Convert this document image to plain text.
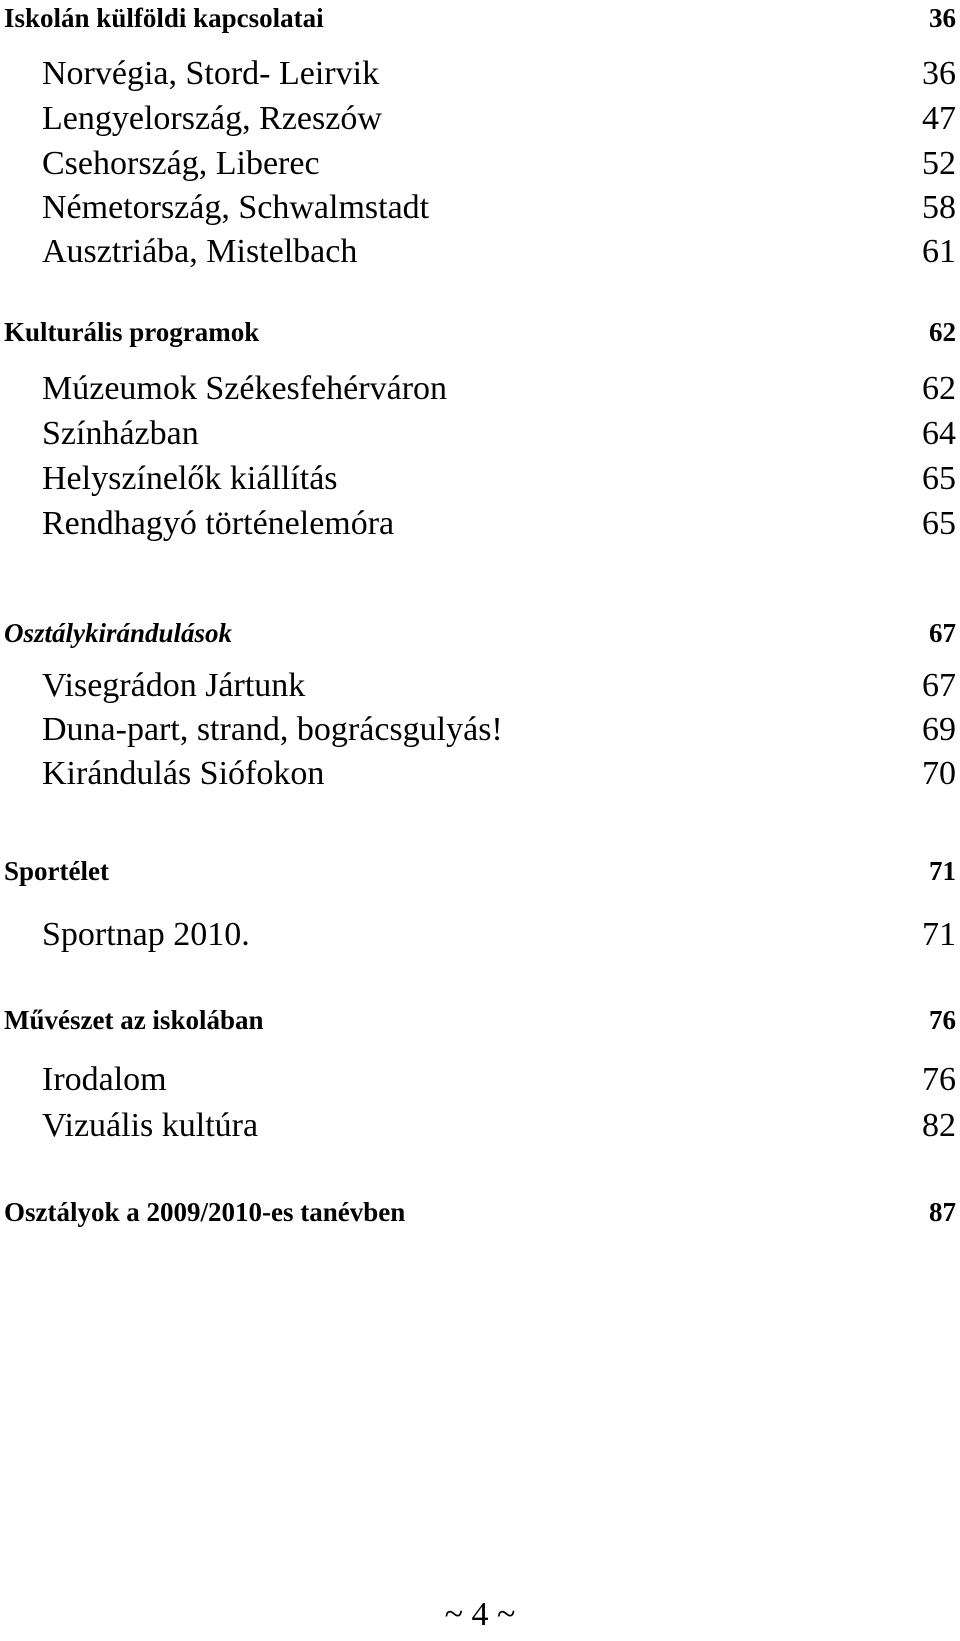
Iskolán külföldi kapcsolatai	36
Norvégia, Stord- Leirvik	36
Lengyelország, Rzeszów	47
Csehország, Liberec	52
Németország, Schwalmstadt	58
Ausztriába, Mistelbach	61
Kulturális programok	62
Múzeumok Székesfehérváron	62
Színházban	64
Helyszínelők kiállítás	65
Rendhagyó történelemóra	65
Osztálykirándulások	67
Visegrádon Jártunk	67
Duna-part, strand, bográcsgulyás!	69
Kirándulás Siófokon	70
Sportélet	71
Sportnap 2010.	71
Művészet az iskolában	76
Irodalom	76
Vizuális kultúra	82
Osztályok a 2009/2010-es tanévben	87
~ 4 ~
